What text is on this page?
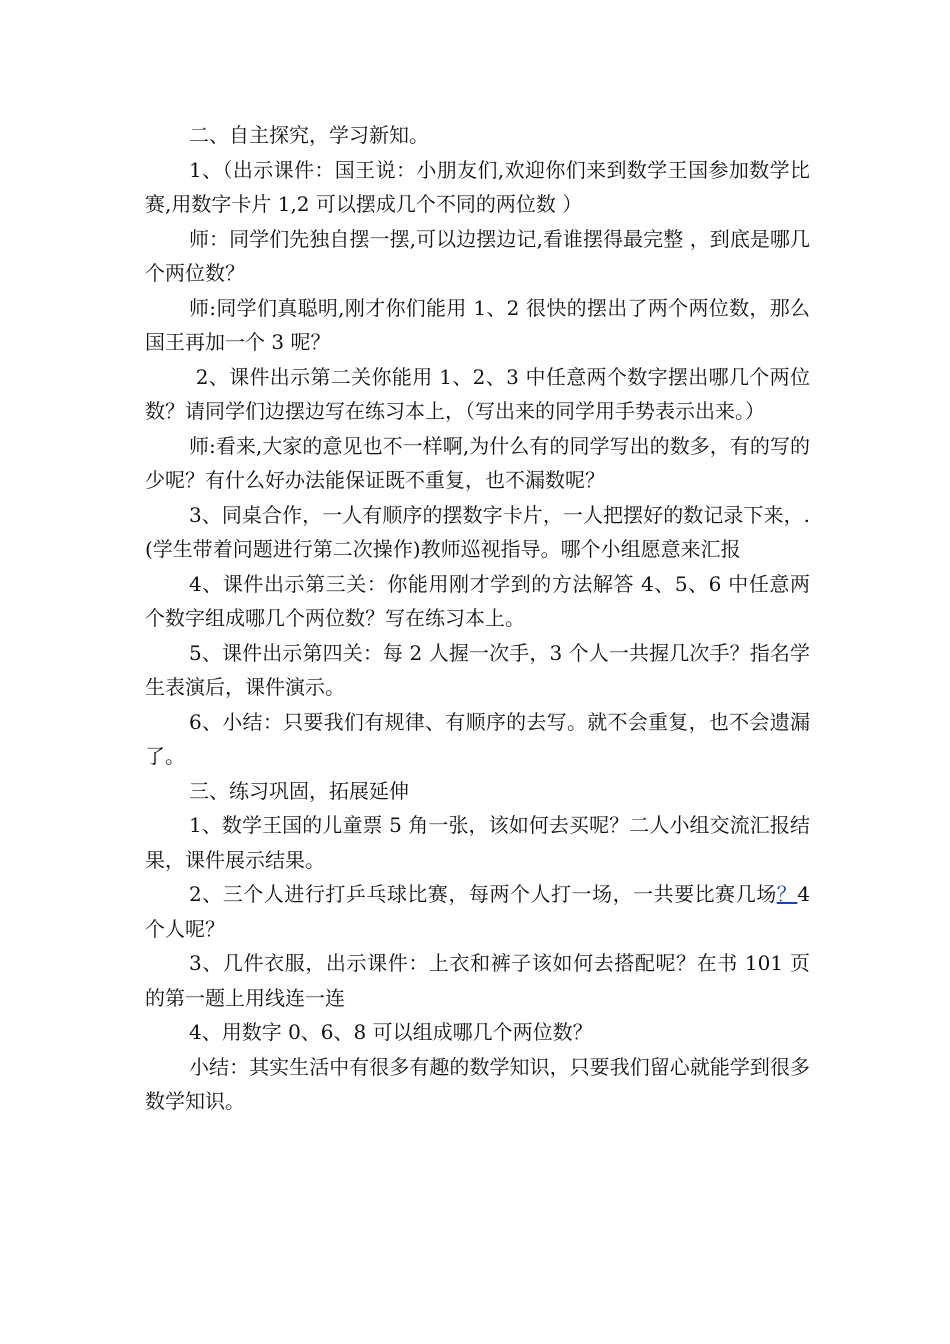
二、自主探究，学习新知。

1、（出示课件：国王说：小朋友们,欢迎你们来到数学王国参加数学比赛,用数字卡片 1,2 可以摆成几个不同的两位数 ）

师：同学们先独自摆一摆,可以边摆边记,看谁摆得最完整 ，到底是哪几个两位数？

师:同学们真聪明,刚才你们能用 1、2 很快的摆出了两个两位数，那么国王再加一个 3 呢？

2、课件出示第二关你能用 1、2、3 中任意两个数字摆出哪几个两位数？请同学们边摆边写在练习本上，（写出来的同学用手势表示出来。）

师:看来,大家的意见也不一样啊,为什么有的同学写出的数多，有的写的少呢？有什么好办法能保证既不重复，也不漏数呢？

3、同桌合作，一人有顺序的摆数字卡片，一人把摆好的数记录下来，. (学生带着问题进行第二次操作)教师巡视指导。哪个小组愿意来汇报

4、课件出示第三关：你能用刚才学到的方法解答 4、5、6 中任意两个数字组成哪几个两位数？写在练习本上。

5、课件出示第四关：每 2 人握一次手，3 个人一共握几次手？指名学生表演后，课件演示。

6、小结：只要我们有规律、有顺序的去写。就不会重复，也不会遗漏了。

三、练习巩固，拓展延伸

1、数学王国的儿童票 5 角一张，该如何去买呢？二人小组交流汇报结果，课件展示结果。

2、三个人进行打乒乓球比赛，每两个人打一场，一共要比赛几场？4 个人呢？

3、几件衣服，出示课件：上衣和裤子该如何去搭配呢？在书 101 页的第一题上用线连一连

4、用数字 0、6、8 可以组成哪几个两位数？

小结：其实生活中有很多有趣的数学知识，只要我们留心就能学到很多数学知识。
